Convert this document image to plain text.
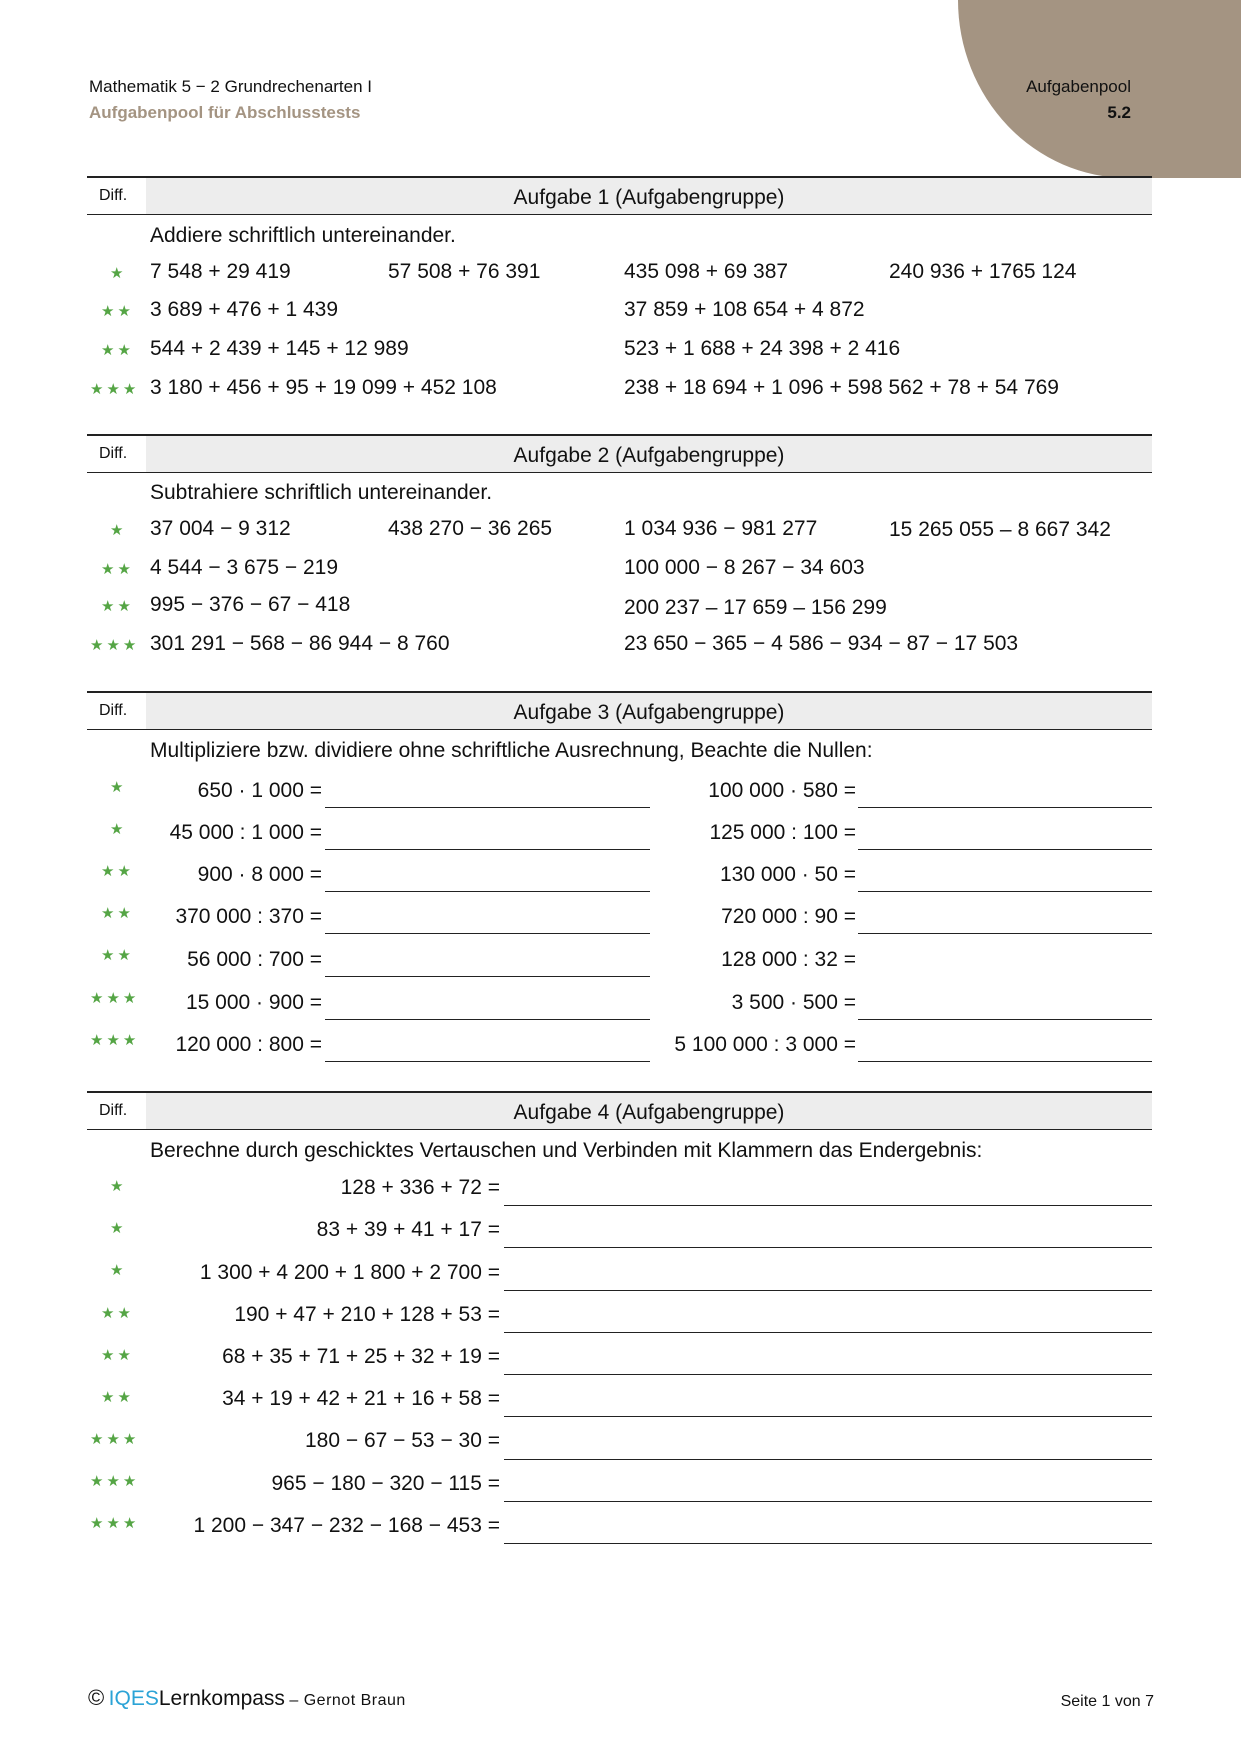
Mathematik 5 − 2 Grundrechenarten I
Aufgabenpool für Abschlusstests
Aufgabenpool
5.2
Diff.	Aufgabe 1 (Aufgabengruppe)
Addiere schriftlich untereinander.
★ 7 548 + 29 419	57 508 + 76 391	435 098 + 69 387	240 936 + 1765 124
★★ 3 689 + 476 + 1 439	37 859 + 108 654 + 4 872
★★ 544 + 2 439 + 145 + 12 989	523 + 1 688 + 24 398 + 2 416
★★★ 3 180 + 456 + 95 + 19 099 + 452 108	238 + 18 694 + 1 096 + 598 562 + 78 + 54 769
Diff.	Aufgabe 2 (Aufgabengruppe)
Subtrahiere schriftlich untereinander.
★ 37 004 − 9 312	438 270 − 36 265	1 034 936 − 981 277	15 265 055 – 8 667 342
★★ 4 544 − 3 675 − 219	100 000 − 8 267 − 34 603
★★ 995 − 376 − 67 − 418	200 237 – 17 659 – 156 299
★★★ 301 291 − 568 − 86 944 − 8 760	23 650 − 365 − 4 586 − 934 − 87 − 17 503
Diff.	Aufgabe 3 (Aufgabengruppe)
Multipliziere bzw. dividiere ohne schriftliche Ausrechnung, Beachte die Nullen:
★	650 · 1 000 =	100 000 · 580 =
★ 45 000 : 1 000 =	125 000 : 100 =
★★	900 · 8 000 =	130 000 · 50 =
★★ 370 000 : 370 =	720 000 : 90 =
★★	56 000 : 700 =	128 000 : 32 =
★★★ 15 000 · 900 =	3 500 · 500 =
★★★ 120 000 : 800 =	5 100 000 : 3 000 =
Diff.	Aufgabe 4 (Aufgabengruppe)
Berechne durch geschicktes Vertauschen und Verbinden mit Klammern das Endergebnis:
★	128 + 336 + 72 =
★	83 + 39 + 41 + 17 =
★	1 300 + 4 200 + 1 800 + 2 700 =
★★	190 + 47 + 210 + 128 + 53 =
★★	68 + 35 + 71 + 25 + 32 + 19 =
★★	34 + 19 + 42 + 21 + 16 + 58 =
★★★	180 − 67 − 53 − 30 =
★★★	965 − 180 − 320 − 115 =
★★★	1 200 − 347 − 232 − 168 − 453 =
© IQESLernkompass – Gernot Braun	Seite 1 von 7
